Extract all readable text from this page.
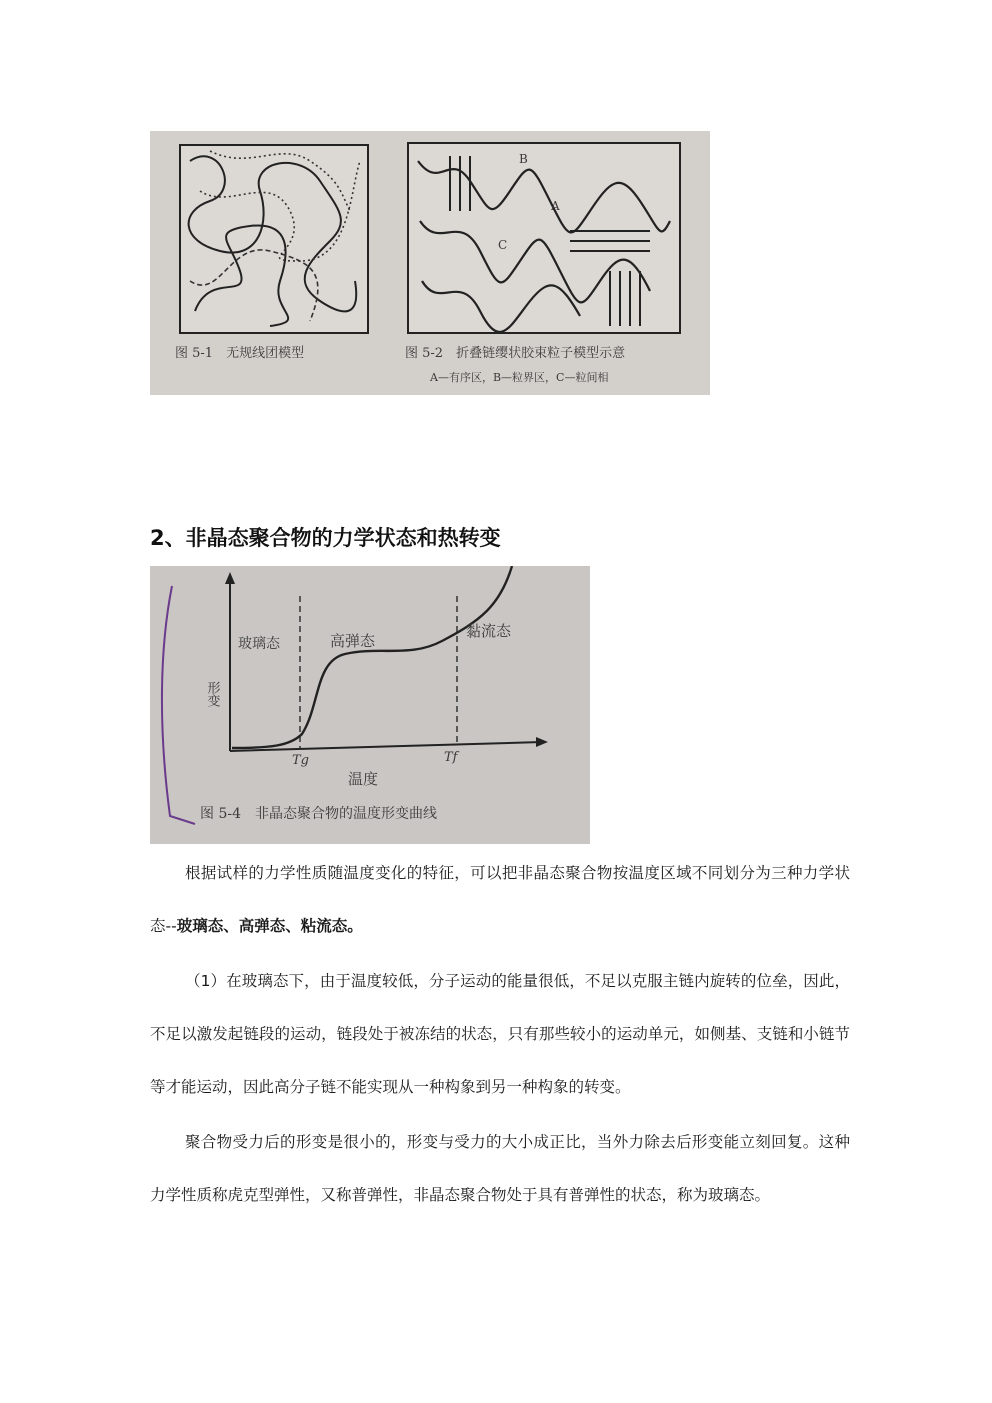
B
A
C
图 5-1　无规线团模型	图 5-2　折叠链缨状胶束粒子模型示意
A—有序区，B—粒界区，C—粒间相
2、非晶态聚合物的力学状态和热转变
形变
玻璃态	高弹态
黏流态
Tg	Tf
温度
图 5-4　非晶态聚合物的温度形变曲线

根据试样的力学性质随温度变化的特征，可以把非晶态聚合物按温度区域不同划分为三种力学状态--玻璃态、高弹态、粘流态。

（1）在玻璃态下，由于温度较低，分子运动的能量很低，不足以克服主链内旋转的位垒，因此，不足以激发起链段的运动，链段处于被冻结的状态，只有那些较小的运动单元，如侧基、支链和小链节等才能运动，因此高分子链不能实现从一种构象到另一种构象的转变。

聚合物受力后的形变是很小的，形变与受力的大小成正比，当外力除去后形变能立刻回复。这种力学性质称虎克型弹性，又称普弹性，非晶态聚合物处于具有普弹性的状态，称为玻璃态。
